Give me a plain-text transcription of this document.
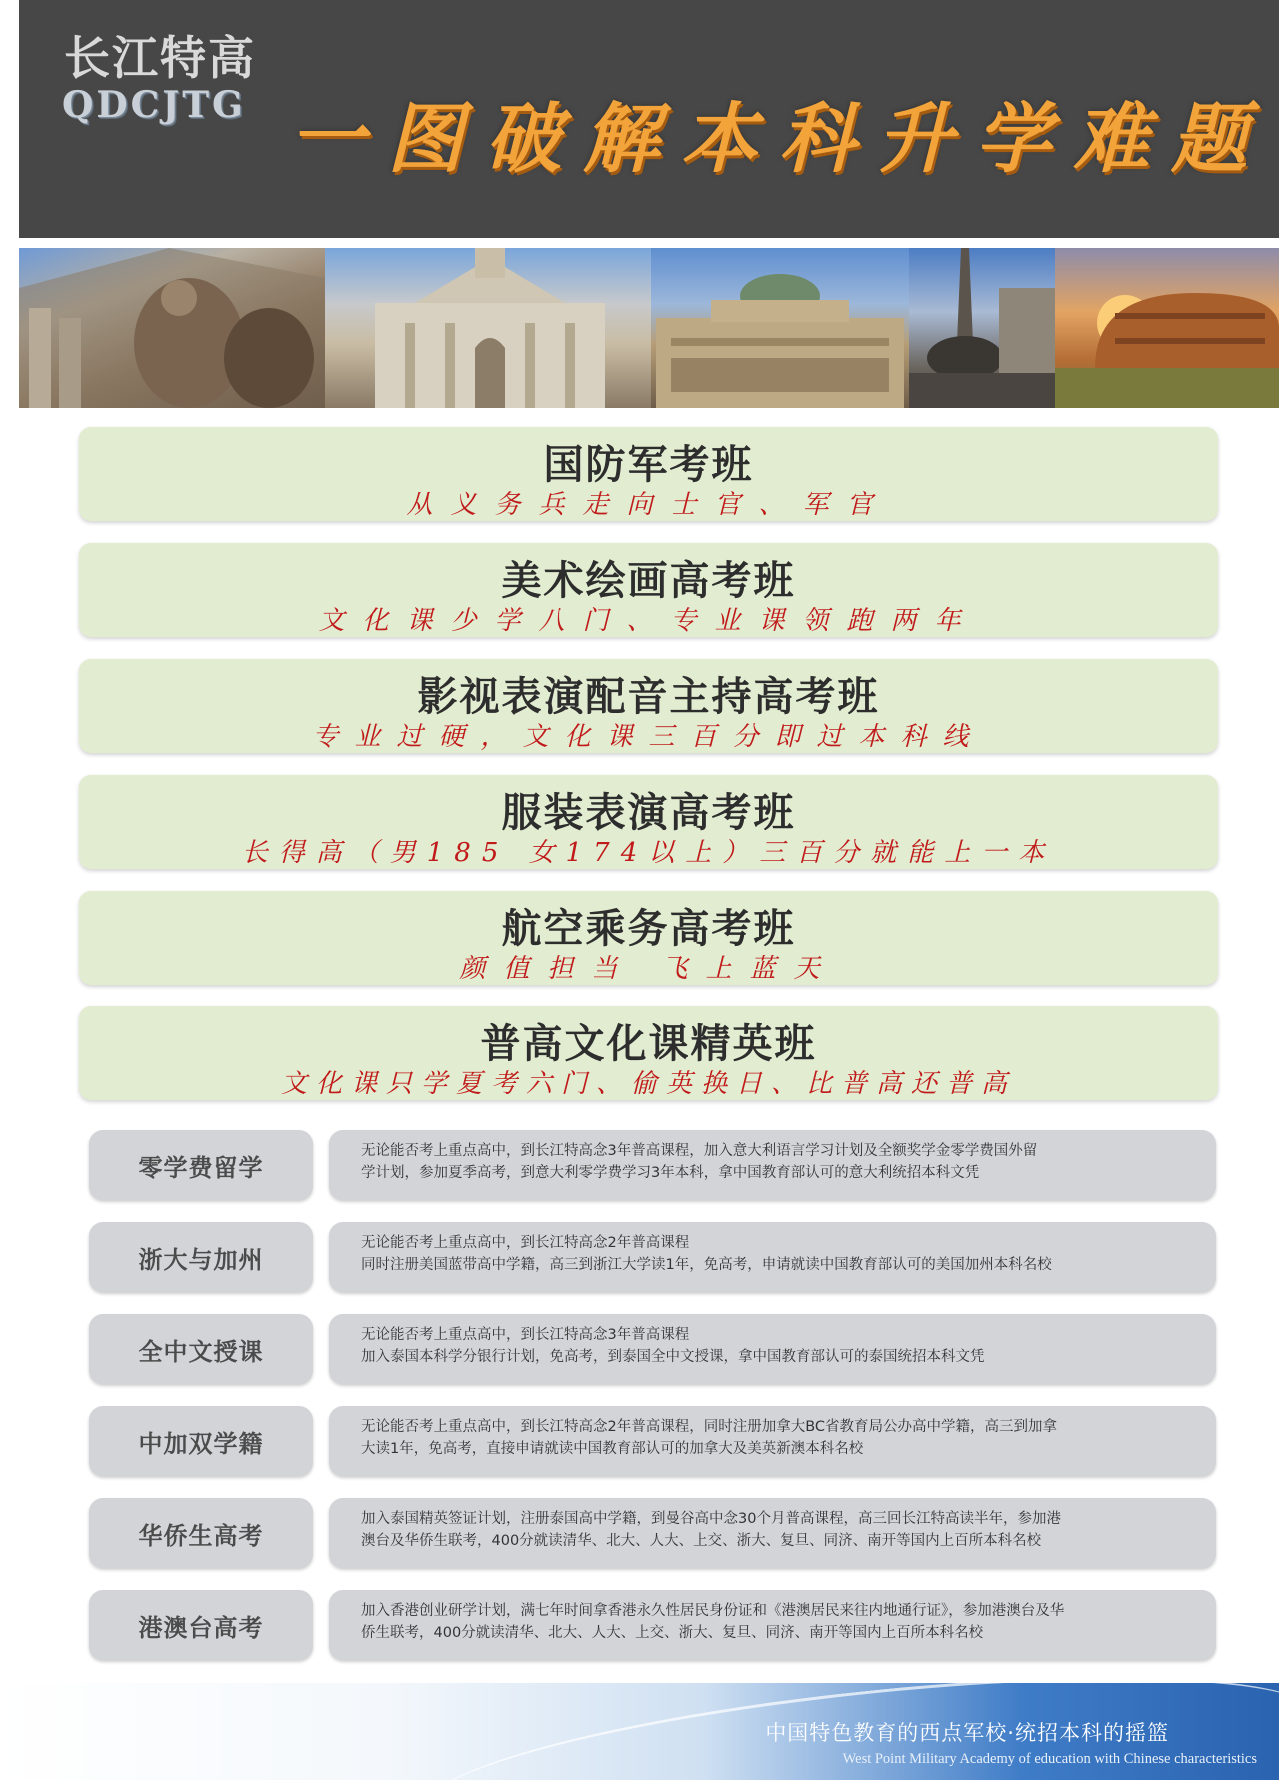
长江特高
QDCJTG 一图破解本科升学难题
国防军考班
从义务兵走向士官、军官
美术绘画高考班
文化课少学八门、专业课领跑两年
影视表演配音主持高考班
专业过硬，文化课三百分即过本科线
服装表演高考班
长得高（男185 女174以上）三百分就能上一本
航空乘务高考班
颜值担当 飞上蓝天
普高文化课精英班
文化课只学夏考六门、偷英换日、比普高还普高
零学费留学
无论能否考上重点高中，到长江特高念3年普高课程，加入意大利语言学习计划及全额奖学金零学费国外留
学计划，参加夏季高考，到意大利零学费学习3年本科，拿中国教育部认可的意大利统招本科文凭
浙大与加州
无论能否考上重点高中，到长江特高念2年普高课程
同时注册美国蓝带高中学籍，高三到浙江大学读1年，免高考，申请就读中国教育部认可的美国加州本科名校
全中文授课
无论能否考上重点高中，到长江特高念3年普高课程
加入泰国本科学分银行计划，免高考，到泰国全中文授课，拿中国教育部认可的泰国统招本科文凭
中加双学籍
无论能否考上重点高中，到长江特高念2年普高课程，同时注册加拿大BC省教育局公办高中学籍，高三到加拿
大读1年，免高考，直接申请就读中国教育部认可的加拿大及美英新澳本科名校
华侨生高考
加入泰国精英签证计划，注册泰国高中学籍，到曼谷高中念30个月普高课程，高三回长江特高读半年，参加港
澳台及华侨生联考，400分就读清华、北大、人大、上交、浙大、复旦、同济、南开等国内上百所本科名校
港澳台高考
加入香港创业研学计划，满七年时间拿香港永久性居民身份证和《港澳居民来往内地通行证》，参加港澳台及华
侨生联考，400分就读清华、北大、人大、上交、浙大、复旦、同济、南开等国内上百所本科名校
中国特色教育的西点军校·统招本科的摇篮
West Point Military Academy of education with Chinese characteristics
